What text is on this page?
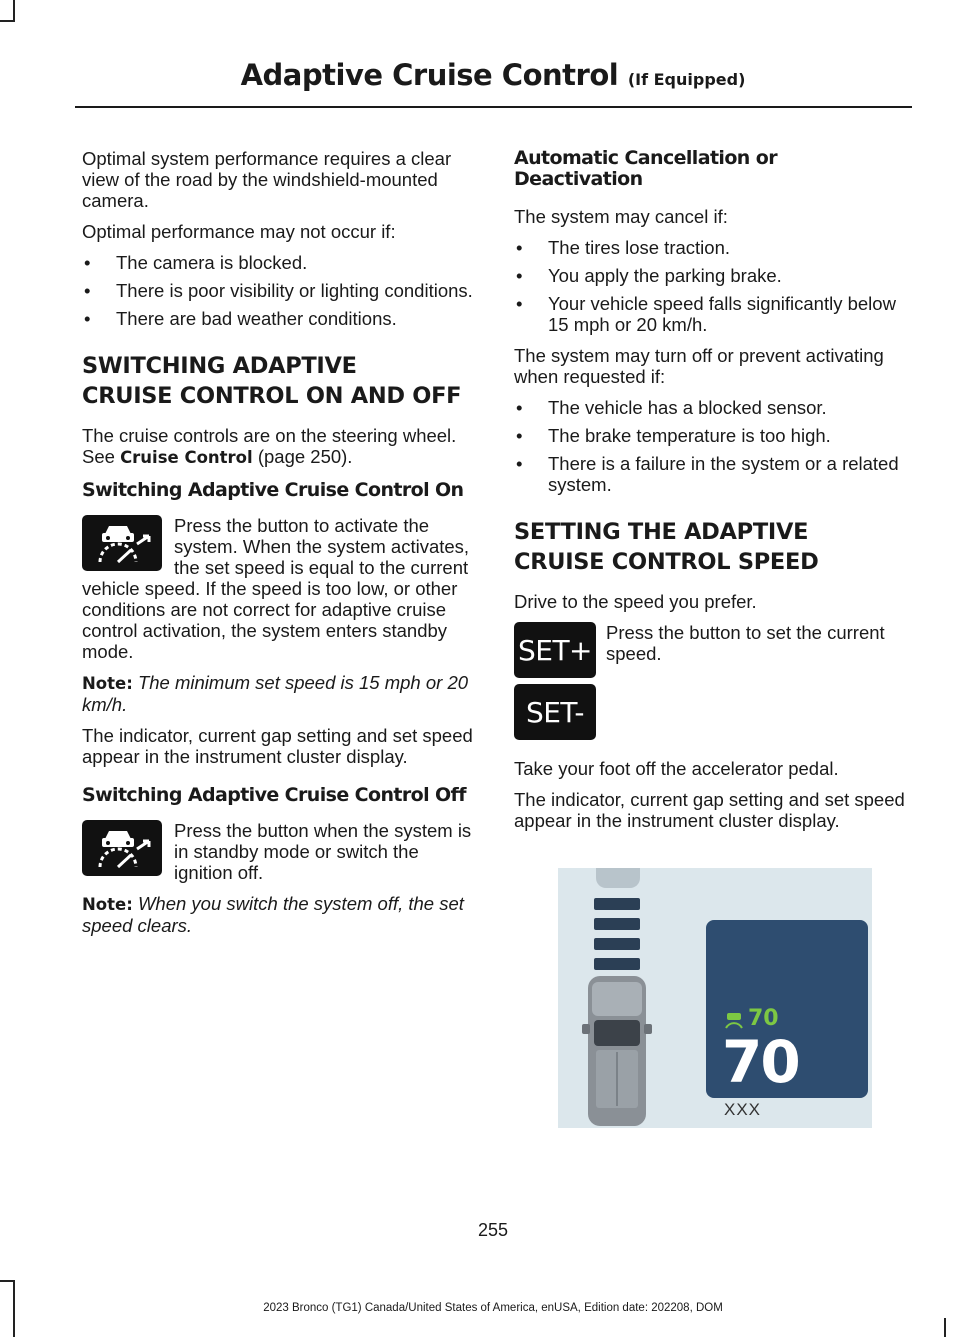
Adaptive Cruise Control (If Equipped)

Optimal system performance requires a clear view of the road by the windshield-mounted camera.

Optimal performance may not occur if:

• The camera is blocked.
• There is poor visibility or lighting conditions.
• There are bad weather conditions.
SWITCHING ADAPTIVE
CRUISE CONTROL ON AND OFF

The cruise controls are on the steering wheel. See Cruise Control (page 250).

Switching Adaptive Cruise Control On

Press the button to activate the system. When the system activates, the set speed is equal to the current vehicle speed. If the speed is too low, or other conditions are not correct for adaptive cruise control activation, the system enters standby mode.

Note: The minimum set speed is 15 mph or 20 km/h.

The indicator, current gap setting and set speed appear in the instrument cluster display.

Switching Adaptive Cruise Control Off

Press the button when the system is in standby mode or switch the ignition off.

Note: When you switch the system off, the set speed clears.

Automatic Cancellation or Deactivation

The system may cancel if:

• The tires lose traction.
• You apply the parking brake.
• Your vehicle speed falls significantly below 15 mph or 20 km/h.

The system may turn off or prevent activating when requested if:

• The vehicle has a blocked sensor.
• The brake temperature is too high.
• There is a failure in the system or a related system.
SETTING THE ADAPTIVE
CRUISE CONTROL SPEED

Drive to the speed you prefer.

SET+
SET-

Press the button to set the current speed.

Take your foot off the accelerator pedal.

The indicator, current gap setting and set speed appear in the instrument cluster display.

70
70
XXX
255
2023 Bronco (TG1) Canada/United States of America, enUSA, Edition date: 202208, DOM
